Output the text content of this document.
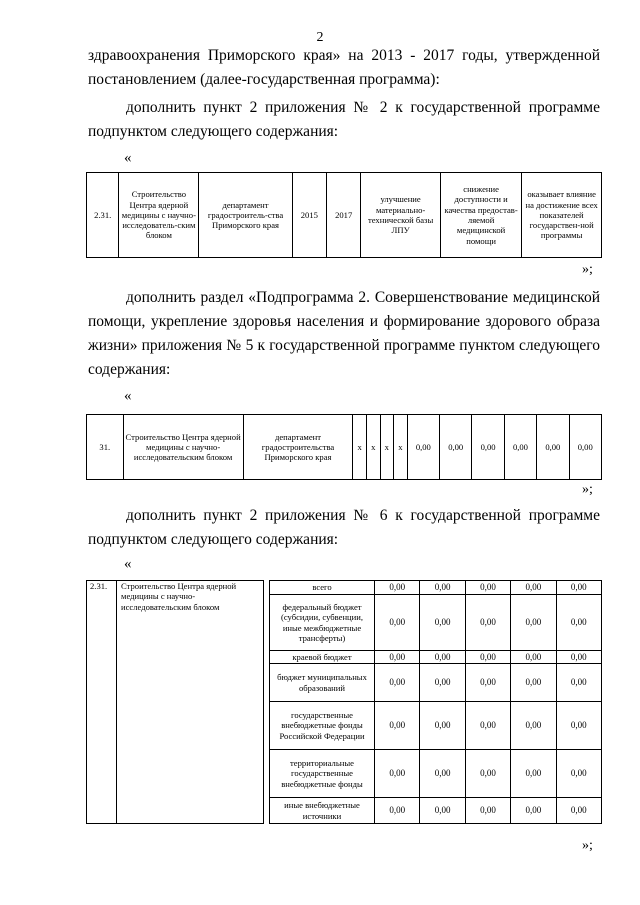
2
здравоохранения Приморского края» на 2013 - 2017 годы, утвержденной
постановлением (далее-государственная программа):
дополнить пункт 2 приложения № 2 к государственной программе
подпунктом следующего содержания:
«
2.31.	Строительство Центра ядерной медицины с научно-исследователь-ским блоком	департамент градостроитель-ства Приморского края	2015	2017	улучшение материально-технической базы ЛПУ	снижение доступности и качества предостав-ляемой медицинской помощи	оказывает влияние на достижение всех показателей государствен-ной программы
»;
дополнить раздел «Подпрограмма 2. Совершенствование медицинской
помощи, укрепление здоровья населения и формирование здорового образа
жизни» приложения № 5 к государственной программе пунктом следующего
содержания:
«
31.	Строительство Центра ядерной медицины с научно-исследовательским блоком	департамент градостроительства Приморского края	x	x	x	x	0,00	0,00	0,00	0,00	0,00	0,00
»;
дополнить пункт 2 приложения № 6 к государственной программе
подпунктом следующего содержания:
«
2.31.	Строительство Центра ядерной медицины с научно-исследовательским блоком		всего	0,00	0,00	0,00	0,00	0,00
			федеральный бюджет (субсидии, субвенции, иные межбюджетные трансферты)	0,00	0,00	0,00	0,00	0,00
			краевой бюджет	0,00	0,00	0,00	0,00	0,00
			бюджет муниципальных образований	0,00	0,00	0,00	0,00	0,00
			государственные внебюджетные фонды Российской Федерации	0,00	0,00	0,00	0,00	0,00
			территориальные государственные внебюджетные фонды	0,00	0,00	0,00	0,00	0,00
			иные внебюджетные источники	0,00	0,00	0,00	0,00	0,00
»;
